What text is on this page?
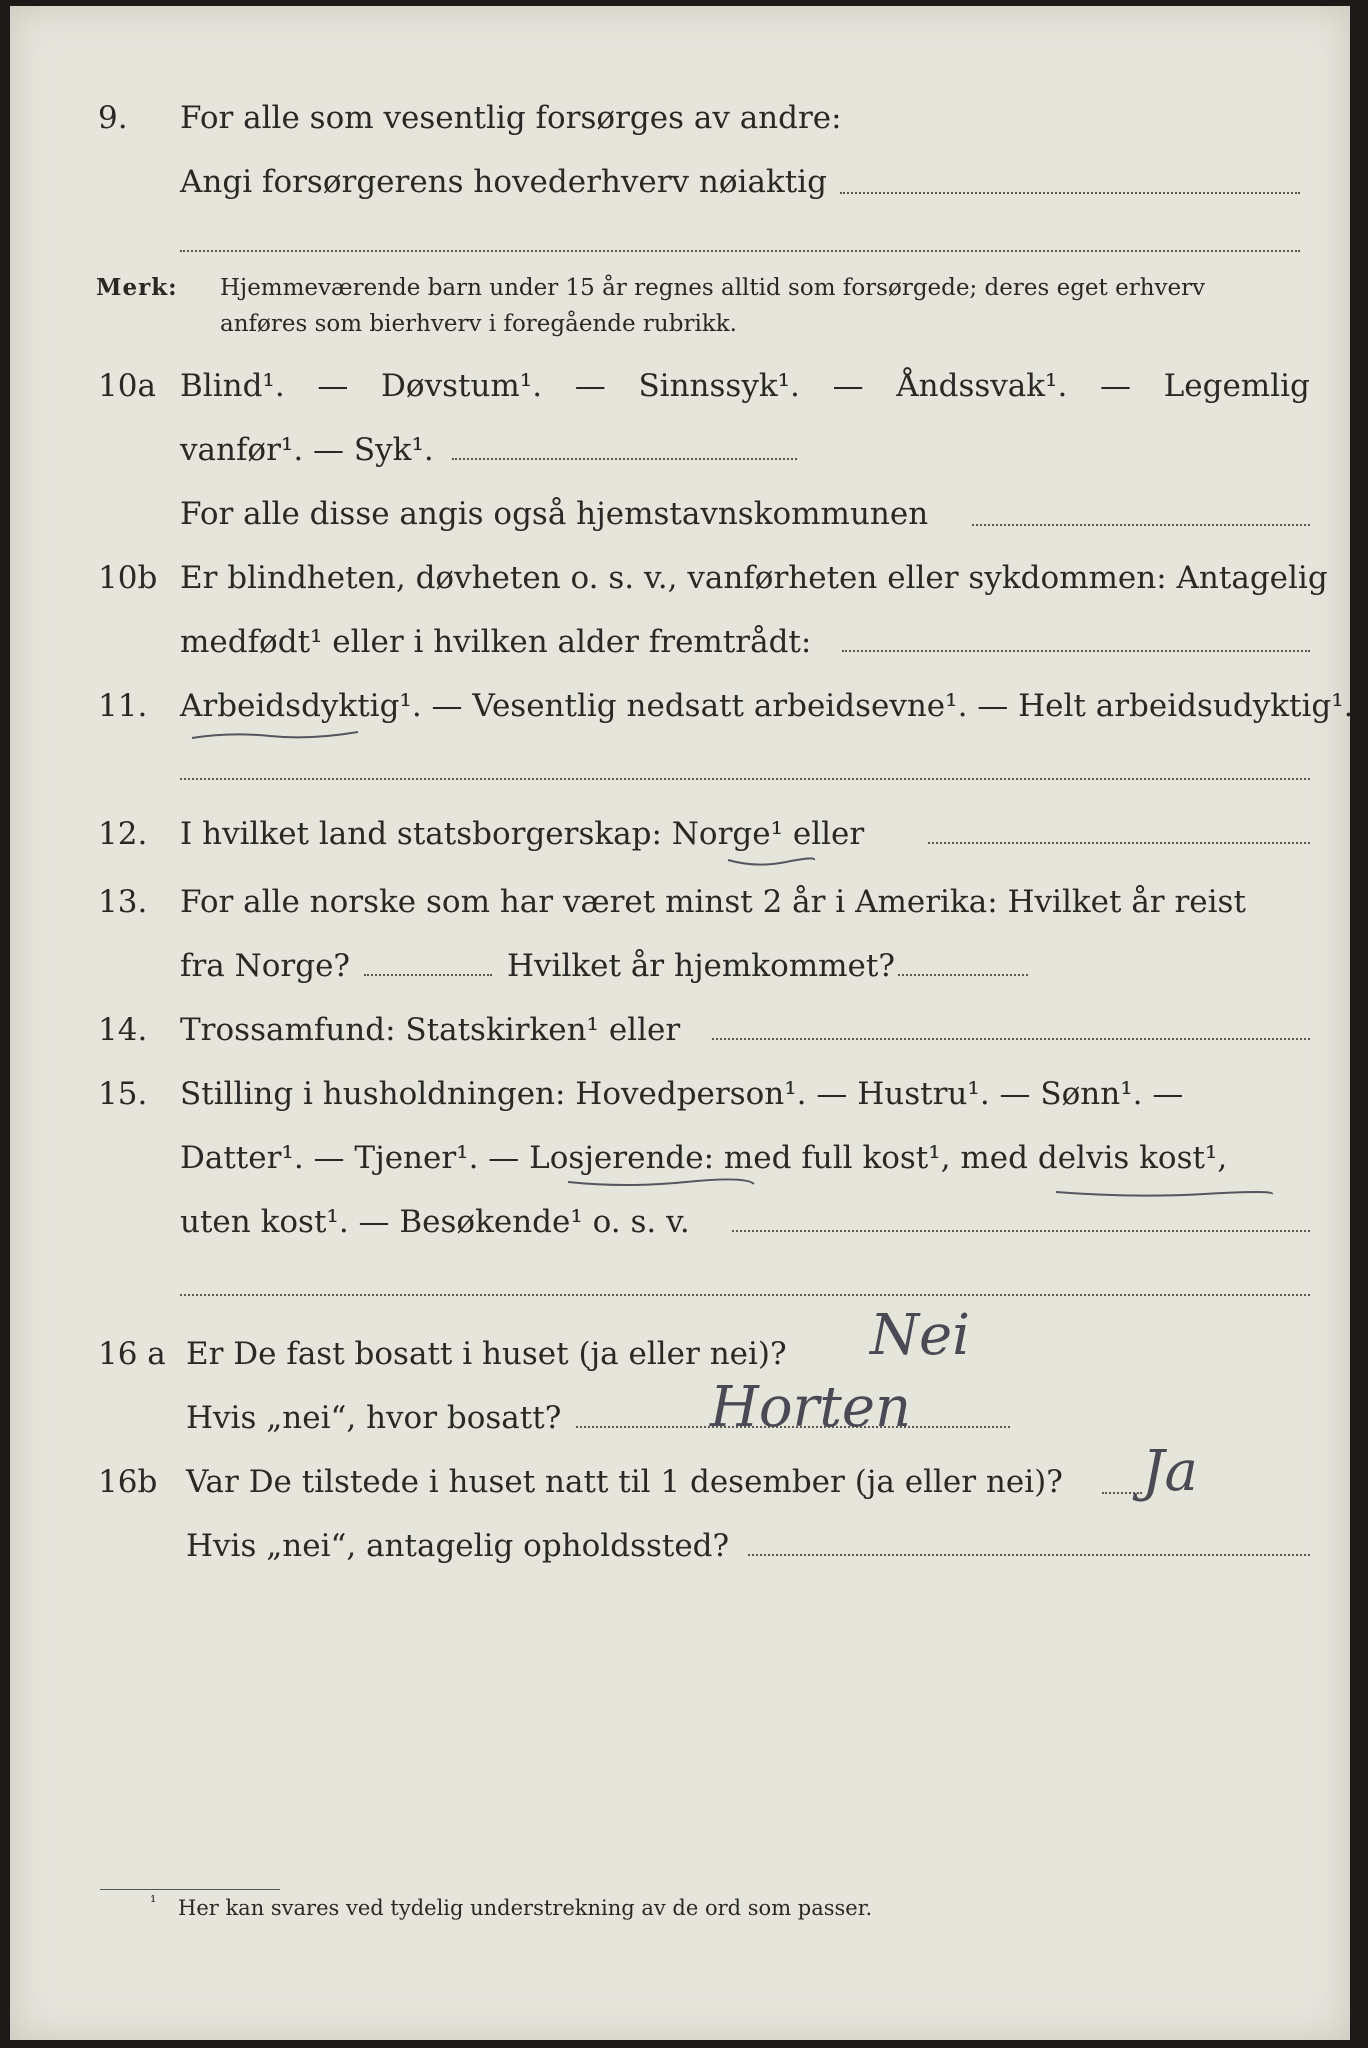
9. For alle som vesentlig forsørges av andre:
Angi forsørgerens hovederhverv nøiaktig
Merk: Hjemmeværende barn under 15 år regnes alltid som forsørgede; deres eget erhverv
anføres som bierhverv i foregående rubrikk.
10a Blind¹. — Døvstum¹. — Sinnssyk¹. — Åndssvak¹. — Legemlig
vanfør¹. — Syk¹.
For alle disse angis også hjemstavnskommunen
10b Er blindheten, døvheten o. s. v., vanførheten eller sykdommen: Antagelig
medfødt¹ eller i hvilken alder fremtrådt:
11. Arbeidsdyktig¹. — Vesentlig nedsatt arbeidsevne¹. — Helt arbeidsudyktig¹.
12. I hvilket land statsborgerskap: Norge¹ eller
13. For alle norske som har været minst 2 år i Amerika: Hvilket år reist
fra Norge?	Hvilket år hjemkommet?
14. Trossamfund: Statskirken¹ eller
15. Stilling i husholdningen: Hovedperson¹. — Hustru¹. — Sønn¹. —
Datter¹. — Tjener¹. — Losjerende: med full kost¹, med delvis kost¹,
uten kost¹. — Besøkende¹ o. s. v.
16 a Er De fast bosatt i huset (ja eller nei)?
Hvis „nei“, hvor bosatt?
Nei
Horten
16b Var De tilstede i huset natt til 1 desember (ja eller nei)? Ja
Hvis „nei“, antagelig opholdssted?
¹ Her kan svares ved tydelig understrekning av de ord som passer.
